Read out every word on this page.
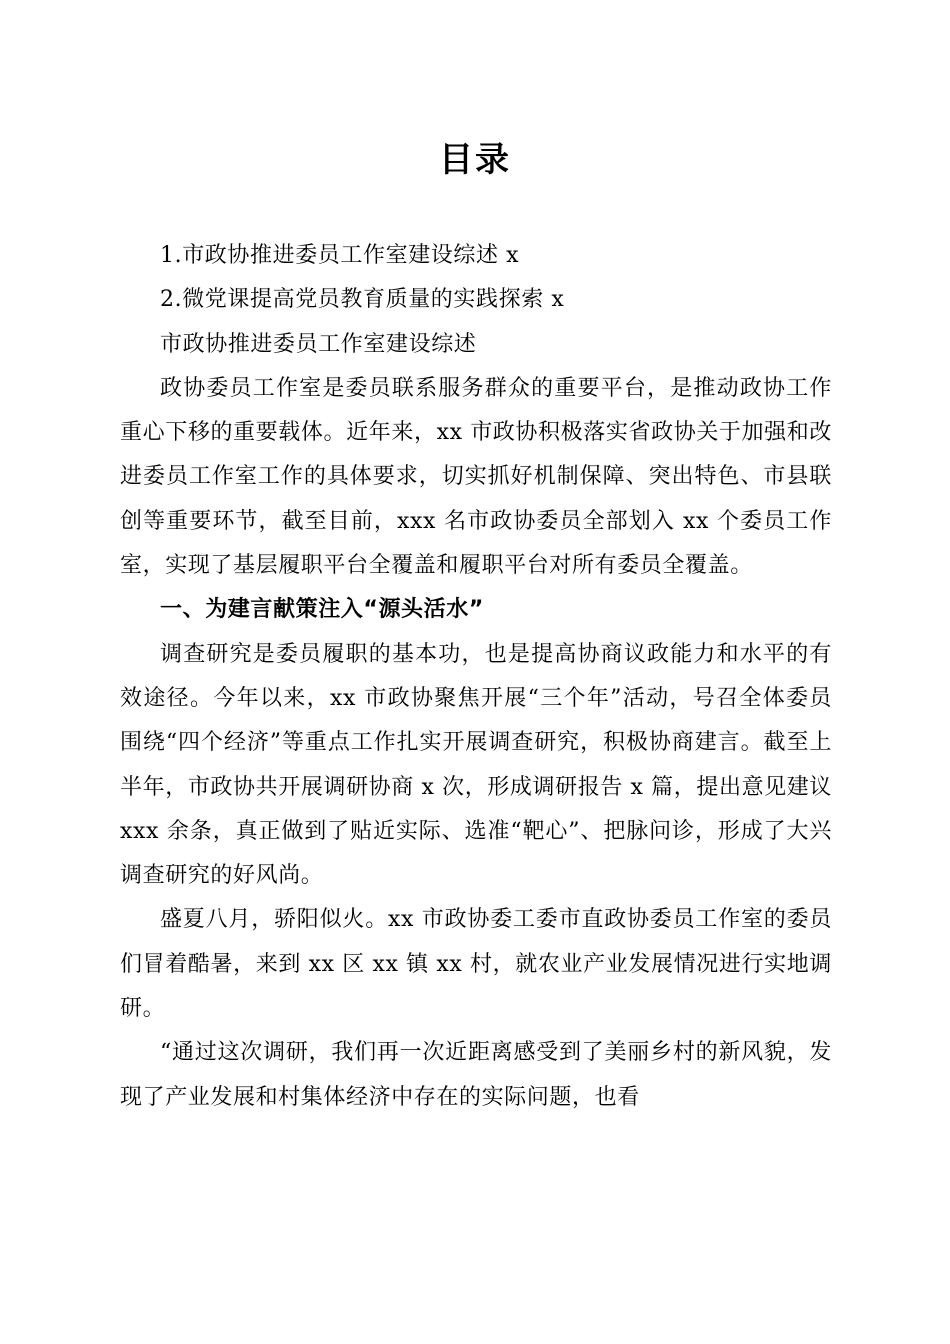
目录

1.市政协推进委员工作室建设综述 x

2.微党课提高党员教育质量的实践探索 x

市政协推进委员工作室建设综述

政协委员工作室是委员联系服务群众的重要平台，是推动政协工作重心下移的重要载体。近年来，xx 市政协积极落实省政协关于加强和改进委员工作室工作的具体要求，切实抓好机制保障、突出特色、市县联创等重要环节，截至目前，xxx 名市政协委员全部划入 xx 个委员工作室，实现了基层履职平台全覆盖和履职平台对所有委员全覆盖。

一、为建言献策注入“源头活水”

调查研究是委员履职的基本功，也是提高协商议政能力和水平的有效途径。今年以来，xx 市政协聚焦开展“三个年”活动，号召全体委员围绕“四个经济”等重点工作扎实开展调查研究，积极协商建言。截至上半年，市政协共开展调研协商 x 次，形成调研报告 x 篇，提出意见建议 xxx 余条，真正做到了贴近实际、选准“靶心”、把脉问诊，形成了大兴调查研究的好风尚。

盛夏八月，骄阳似火。xx 市政协委工委市直政协委员工作室的委员们冒着酷暑，来到 xx 区 xx 镇 xx 村，就农业产业发展情况进行实地调研。

“通过这次调研，我们再一次近距离感受到了美丽乡村的新风貌，发现了产业发展和村集体经济中存在的实际问题，也看
